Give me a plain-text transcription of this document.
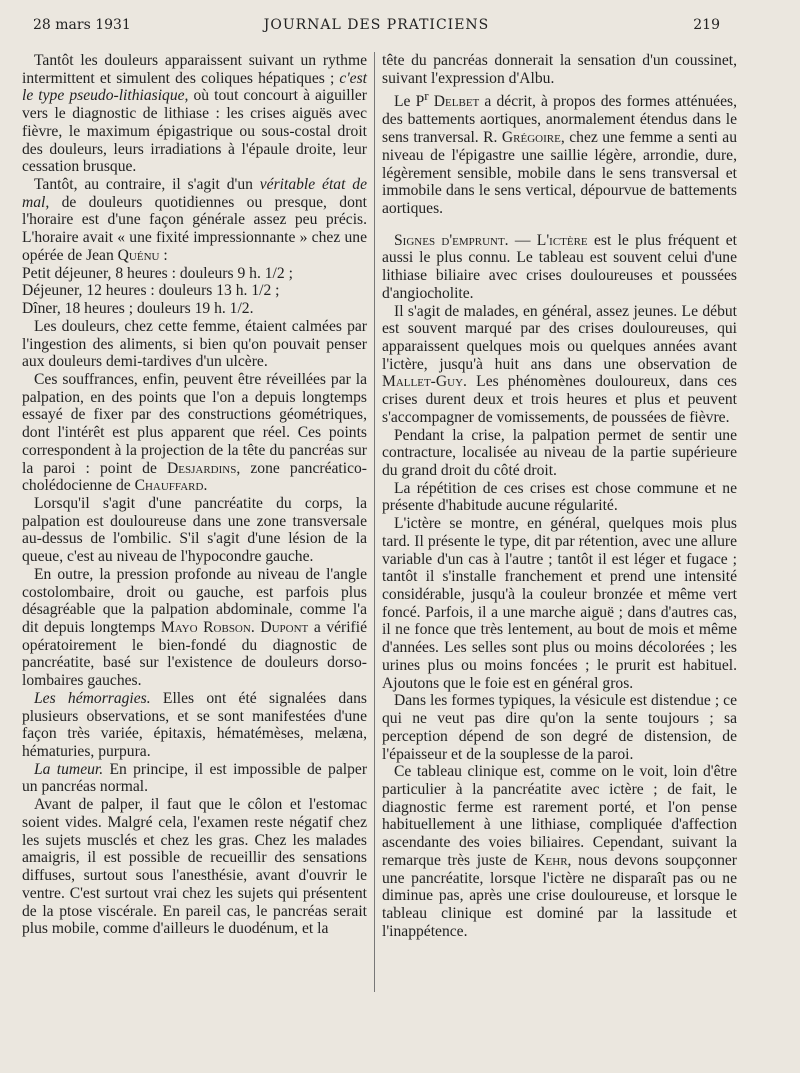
28 mars 1931	JOURNAL DES PRATICIENS	219

Tantôt les douleurs apparaissent suivant un rythme intermittent et simulent des coliques hépatiques ; c'est le type pseudo-lithiasique, où tout concourt à aiguiller vers le diagnostic de lithiase : les crises aiguës avec fièvre, le maximum épigastrique ou sous-costal droit des douleurs, leurs irradiations à l'épaule droite, leur cessation brusque.

Tantôt, au contraire, il s'agit d'un véritable état de mal, de douleurs quotidiennes ou presque, dont l'horaire est d'une façon générale assez peu précis. L'horaire avait « une fixité impressionnante » chez une opérée de Jean Quénu :

Petit déjeuner, 8 heures : douleurs 9 h. 1/2 ;

Déjeuner, 12 heures : douleurs 13 h. 1/2 ;

Dîner, 18 heures ; douleurs 19 h. 1/2.

Les douleurs, chez cette femme, étaient calmées par l'ingestion des aliments, si bien qu'on pouvait penser aux douleurs demi-tardives d'un ulcère.

Ces souffrances, enfin, peuvent être réveillées par la palpation, en des points que l'on a depuis longtemps essayé de fixer par des constructions géométriques, dont l'intérêt est plus apparent que réel. Ces points correspondent à la projection de la tête du pancréas sur la paroi : point de Desjardins, zone pancréatico-cholédocienne de Chauffard.

Lorsqu'il s'agit d'une pancréatite du corps, la palpation est douloureuse dans une zone transversale au-dessus de l'ombilic. S'il s'agit d'une lésion de la queue, c'est au niveau de l'hypocondre gauche.

En outre, la pression profonde au niveau de l'angle costolombaire, droit ou gauche, est parfois plus désagréable que la palpation abdominale, comme l'a dit depuis longtemps Mayo Robson. Dupont a vérifié opératoirement le bien-fondé du diagnostic de pancréatite, basé sur l'existence de douleurs dorso-lombaires gauches.

Les hémorragies. Elles ont été signalées dans plusieurs observations, et se sont manifestées d'une façon très variée, épitaxis, hématémèses, melæna, hématuries, purpura.

La tumeur. En principe, il est impossible de palper un pancréas normal.

Avant de palper, il faut que le côlon et l'estomac soient vides. Malgré cela, l'examen reste négatif chez les sujets musclés et chez les gras. Chez les malades amaigris, il est possible de recueillir des sensations diffuses, surtout sous l'anesthésie, avant d'ouvrir le ventre. C'est surtout vrai chez les sujets qui présentent de la ptose viscérale. En pareil cas, le pancréas serait plus mobile, comme d'ailleurs le duodénum, et la

tête du pancréas donnerait la sensation d'un coussinet, suivant l'expression d'Albu.

Le $P^r$ Delbet a décrit, à propos des formes atténuées, des battements aortiques, anormalement étendus dans le sens tranversal. R. Grégoire, chez une femme a senti au niveau de l'épigastre une saillie légère, arrondie, dure, légèrement sensible, mobile dans le sens transversal et immobile dans le sens vertical, dépourvue de battements aortiques.

Signes d'emprunt. — L'ictère est le plus fréquent et aussi le plus connu. Le tableau est souvent celui d'une lithiase biliaire avec crises douloureuses et poussées d'angiocholite.

Il s'agit de malades, en général, assez jeunes. Le début est souvent marqué par des crises douloureuses, qui apparaissent quelques mois ou quelques années avant l'ictère, jusqu'à huit ans dans une observation de Mallet-Guy. Les phénomènes douloureux, dans ces crises durent deux et trois heures et plus et peuvent s'accompagner de vomissements, de poussées de fièvre.

Pendant la crise, la palpation permet de sentir une contracture, localisée au niveau de la partie supérieure du grand droit du côté droit.

La répétition de ces crises est chose commune et ne présente d'habitude aucune régularité.

L'ictère se montre, en général, quelques mois plus tard. Il présente le type, dit par rétention, avec une allure variable d'un cas à l'autre ; tantôt il est léger et fugace ; tantôt il s'installe franchement et prend une intensité considérable, jusqu'à la couleur bronzée et même vert foncé. Parfois, il a une marche aiguë ; dans d'autres cas, il ne fonce que très lentement, au bout de mois et même d'années. Les selles sont plus ou moins décolorées ; les urines plus ou moins foncées ; le prurit est habituel. Ajoutons que le foie est en général gros.

Dans les formes typiques, la vésicule est distendue ; ce qui ne veut pas dire qu'on la sente toujours ; sa perception dépend de son degré de distension, de l'épaisseur et de la souplesse de la paroi.

Ce tableau clinique est, comme on le voit, loin d'être particulier à la pancréatite avec ictère ; de fait, le diagnostic ferme est rarement porté, et l'on pense habituellement à une lithiase, compliquée d'affection ascendante des voies biliaires. Cependant, suivant la remarque très juste de Kehr, nous devons soupçonner une pancréatite, lorsque l'ictère ne disparaît pas ou ne diminue pas, après une crise douloureuse, et lorsque le tableau clinique est dominé par la lassitude et l'inappétence.
